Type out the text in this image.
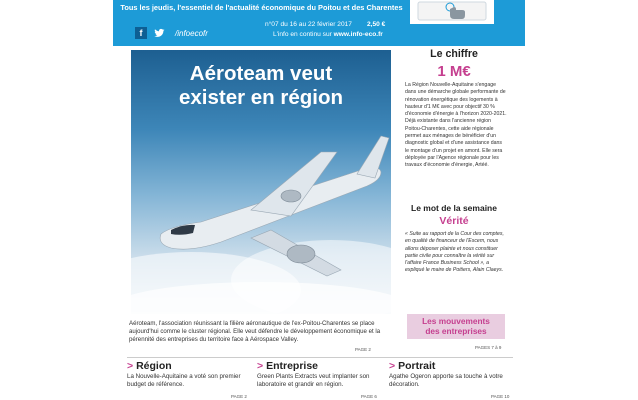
Tous les jeudis, l'essentiel de l'actualité économique du Poitou et des Charentes
n°07 du 16 au 22 février 2017 2,50 €
L'info en continu sur www.info-eco.fr
f	/infoecofr
Aéroteam veut
exister en région
Aéroteam, l'association réunissant la filière aéronautique de l'ex-Poitou-Charentes se place aujourd'hui comme le cluster régional. Elle veut défendre le développement économique et la pérennité des entreprises du territoire face à Aérospace Valley.
PAGE 2
Le chiffre
1 M€
La Région Nouvelle-Aquitaine s'engage dans une démarche globale performante de rénovation énergétique des logements à hauteur d'1 M€ avec pour objectif 30 % d'économie d'énergie à l'horizon 2020-2021. Déjà existante dans l'ancienne région Poitou-Charentes, cette aide régionale permet aux ménages de bénéficier d'un diagnostic global et d'une assistance dans le montage d'un projet en amont. Elle sera déployée par l'Agence régionale pour les travaux d'économie d'énergie, Artéé.
Le mot de la semaine
Vérité
« Suite au rapport de la Cour des comptes, en qualité de financeur de l'Escem, nous allons déposer plainte et nous constituer partie civile pour connaître la vérité sur l'affaire France Business School », a expliqué le maire de Poitiers, Alain Claeys.
Les mouvements
des entreprises
PAGES 7 à 9
> Région
La Nouvelle-Aquitaine a voté son premier budget de référence.
PAGE 2
> Entreprise
Green Plants Extracts veut implanter son laboratoire et grandir en région.
PAGE 6
> Portrait
Agathe Ogeron apporte sa touche à votre décoration.
PAGE 10
